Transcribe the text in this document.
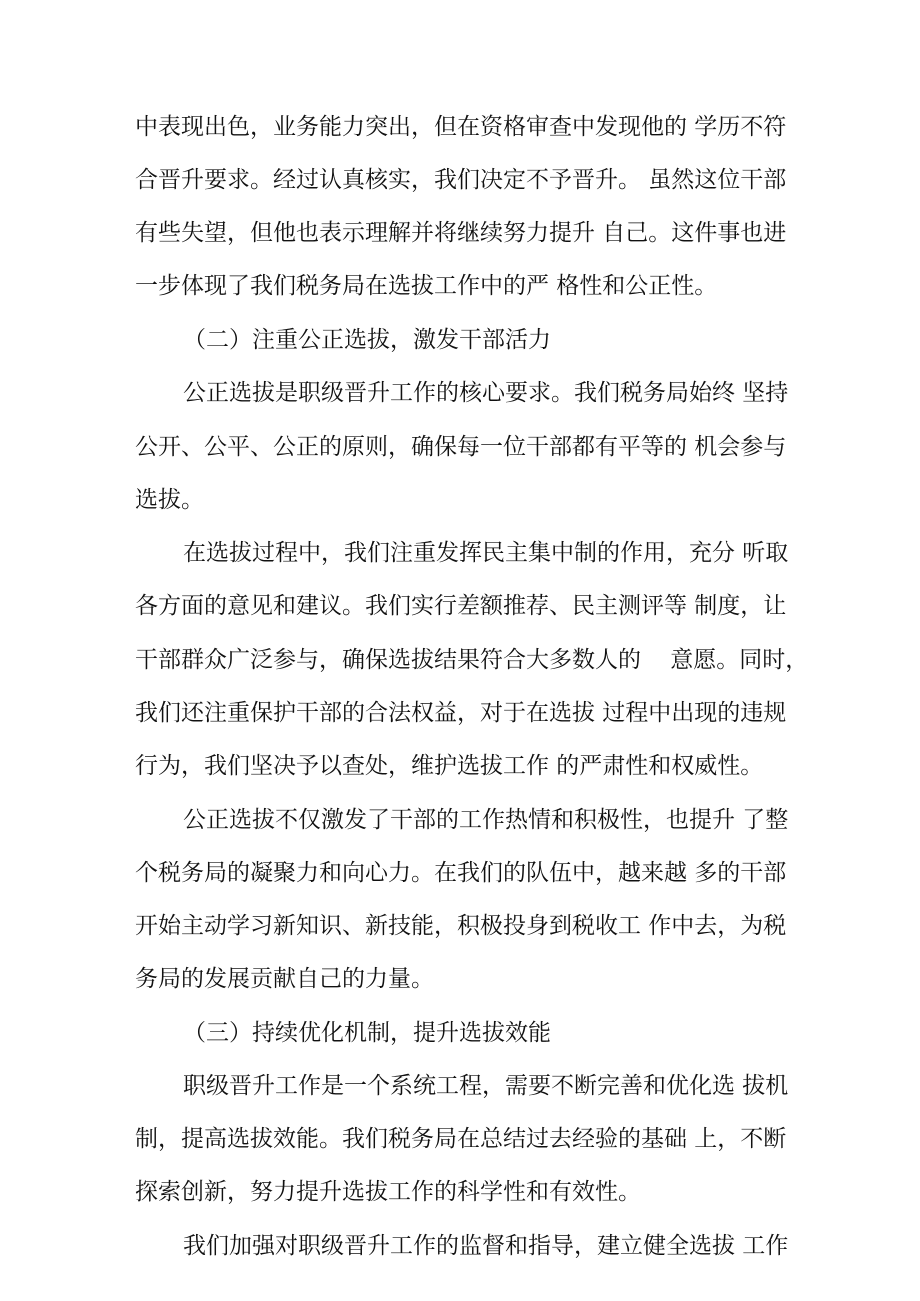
中表现出色，业务能力突出，但在资格审查中发现他的 学历不符

合晋升要求。经过认真核实，我们决定不予晋升。 虽然这位干部

有些失望，但他也表示理解并将继续努力提升 自己。这件事也进

一步体现了我们税务局在选拔工作中的严 格性和公正性。

（二）注重公正选拔，激发干部活力

公正选拔是职级晋升工作的核心要求。我们税务局始终 坚持

公开、公平、公正的原则，确保每一位干部都有平等的 机会参与

选拔。

在选拔过程中，我们注重发挥民主集中制的作用，充分 听取

各方面的意见和建议。我们实行差额推荐、民主测评等 制度，让

干部群众广泛参与，确保选拔结果符合大多数人的    意愿。同时，

我们还注重保护干部的合法权益，对于在选拔 过程中出现的违规

行为，我们坚决予以查处，维护选拔工作 的严肃性和权威性。

公正选拔不仅激发了干部的工作热情和积极性，也提升 了整

个税务局的凝聚力和向心力。在我们的队伍中，越来越 多的干部

开始主动学习新知识、新技能，积极投身到税收工 作中去，为税

务局的发展贡献自己的力量。

（三）持续优化机制，提升选拔效能

职级晋升工作是一个系统工程，需要不断完善和优化选 拔机

制，提高选拔效能。我们税务局在总结过去经验的基础 上，不断

探索创新，努力提升选拔工作的科学性和有效性。

我们加强对职级晋升工作的监督和指导，建立健全选拔 工作
